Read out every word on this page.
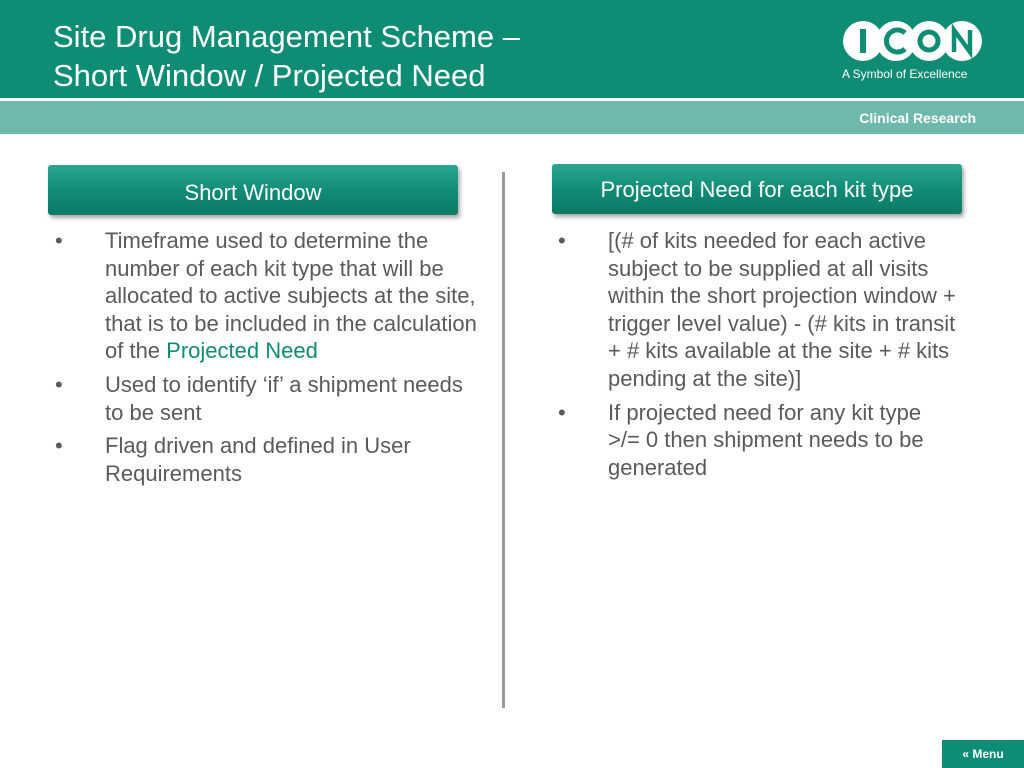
Site Drug Management Scheme –
Short Window / Projected Need	A Symbol of Excellence
Clinical Research
Short Window	Projected Need for each kit type
• Timeframe used to determine the number of each kit type that will be allocated to active subjects at the site, that is to be included in the calculation of the Projected Need
• Used to identify ‘if’ a shipment needs to be sent
• Flag driven and defined in User Requirements
• [(# of kits needed for each active subject to be supplied at all visits within the short projection window + trigger level value) - (# kits in transit + # kits available at the site + # kits pending at the site)]
• If projected need for any kit type >/= 0 then shipment needs to be generated
« Menu
